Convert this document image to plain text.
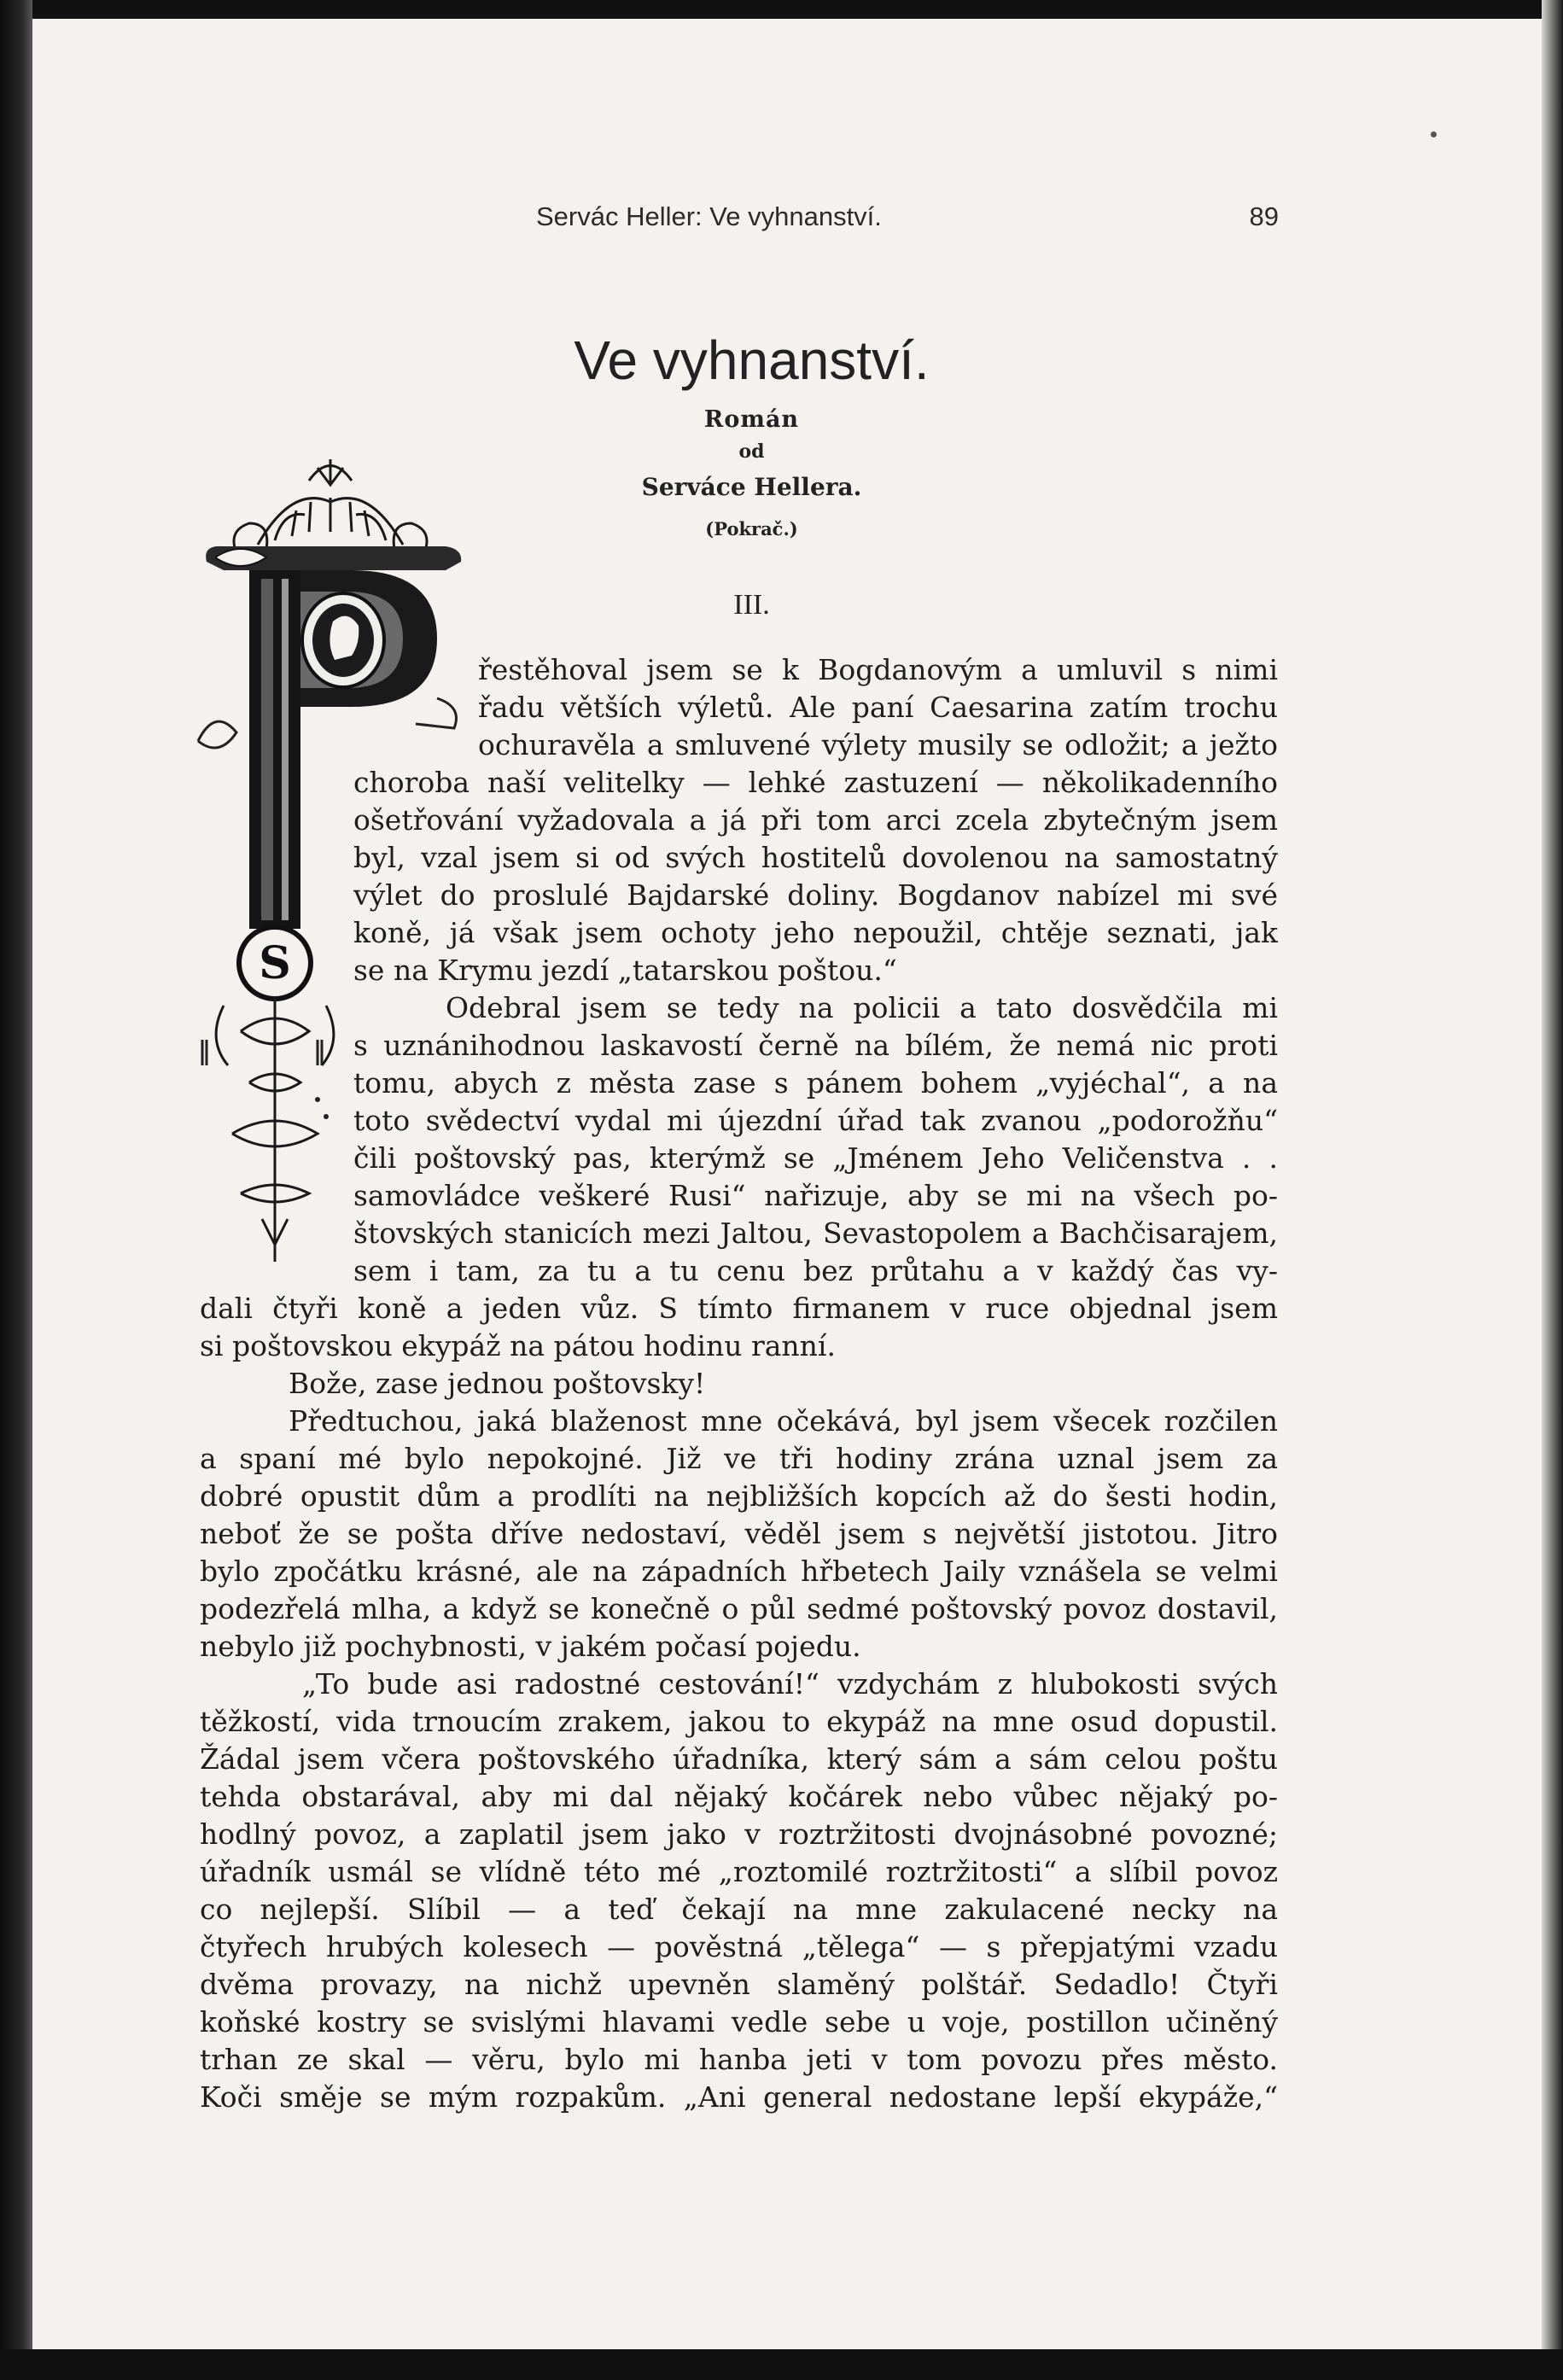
Servác Heller: Ve vyhnanství.	89
Ve vyhnanství.
Román
od
Serváce Hellera.
(Pokrač.)
III.
S
řestěhoval jsem se k Bogdanovým a umluvil s nimi
řadu větších výletů. Ale paní Caesarina zatím trochu
ochuravěla a smluvené výlety musily se odložit; a ježto
choroba naší velitelky — lehké zastuzení — několikadenního
ošetřování vyžadovala a já při tom arci zcela zbytečným jsem
byl, vzal jsem si od svých hostitelů dovolenou na samostatný
výlet do proslulé Bajdarské doliny. Bogdanov nabízel mi své
koně, já však jsem ochoty jeho nepoužil, chtěje seznati, jak
se na Krymu jezdí „tatarskou poštou.“
Odebral jsem se tedy na policii a tato dosvědčila mi
s uznánihodnou laskavostí černě na bílém, že nemá nic proti
tomu, abych z města zase s pánem bohem „vyjéchal“, a na
toto svědectví vydal mi újezdní úřad tak zvanou „podorožňu“
čili poštovský pas, kterýmž se „Jménem Jeho Veličenstva . .
samovládce veškeré Rusi“ nařizuje, aby se mi na všech po-
štovských stanicích mezi Jaltou, Sevastopolem a Bachčisarajem,
sem i tam, za tu a tu cenu bez průtahu a v každý čas vy-
dali čtyři koně a jeden vůz. S tímto firmanem v ruce objednal jsem
si poštovskou ekypáž na pátou hodinu ranní.
Bože, zase jednou poštovsky!
Předtuchou, jaká blaženost mne očekává, byl jsem všecek rozčilen
a spaní mé bylo nepokojné. Již ve tři hodiny zrána uznal jsem za
dobré opustit dům a prodlíti na nejbližších kopcích až do šesti hodin,
neboť že se pošta dříve nedostaví, věděl jsem s největší jistotou. Jitro
bylo zpočátku krásné, ale na západních hřbetech Jaily vznášela se velmi
podezřelá mlha, a když se konečně o půl sedmé poštovský povoz dostavil,
nebylo již pochybnosti, v jakém počasí pojedu.
„To bude asi radostné cestování!“ vzdychám z hlubokosti svých
těžkostí, vida trnoucím zrakem, jakou to ekypáž na mne osud dopustil.
Žádal jsem včera poštovského úřadníka, který sám a sám celou poštu
tehda obstarával, aby mi dal nějaký kočárek nebo vůbec nějaký po-
hodlný povoz, a zaplatil jsem jako v roztržitosti dvojnásobné povozné;
úřadník usmál se vlídně této mé „roztomilé roztržitosti“ a slíbil povoz
co nejlepší. Slíbil — a teď čekají na mne zakulacené necky na
čtyřech hrubých kolesech — pověstná „tělega“ — s přepjatými vzadu
dvěma provazy, na nichž upevněn slaměný polštář. Sedadlo! Čtyři
koňské kostry se svislými hlavami vedle sebe u voje, postillon učiněný
trhan ze skal — věru, bylo mi hanba jeti v tom povozu přes město.
Koči směje se mým rozpakům. „Ani general nedostane lepší ekypáže,“
